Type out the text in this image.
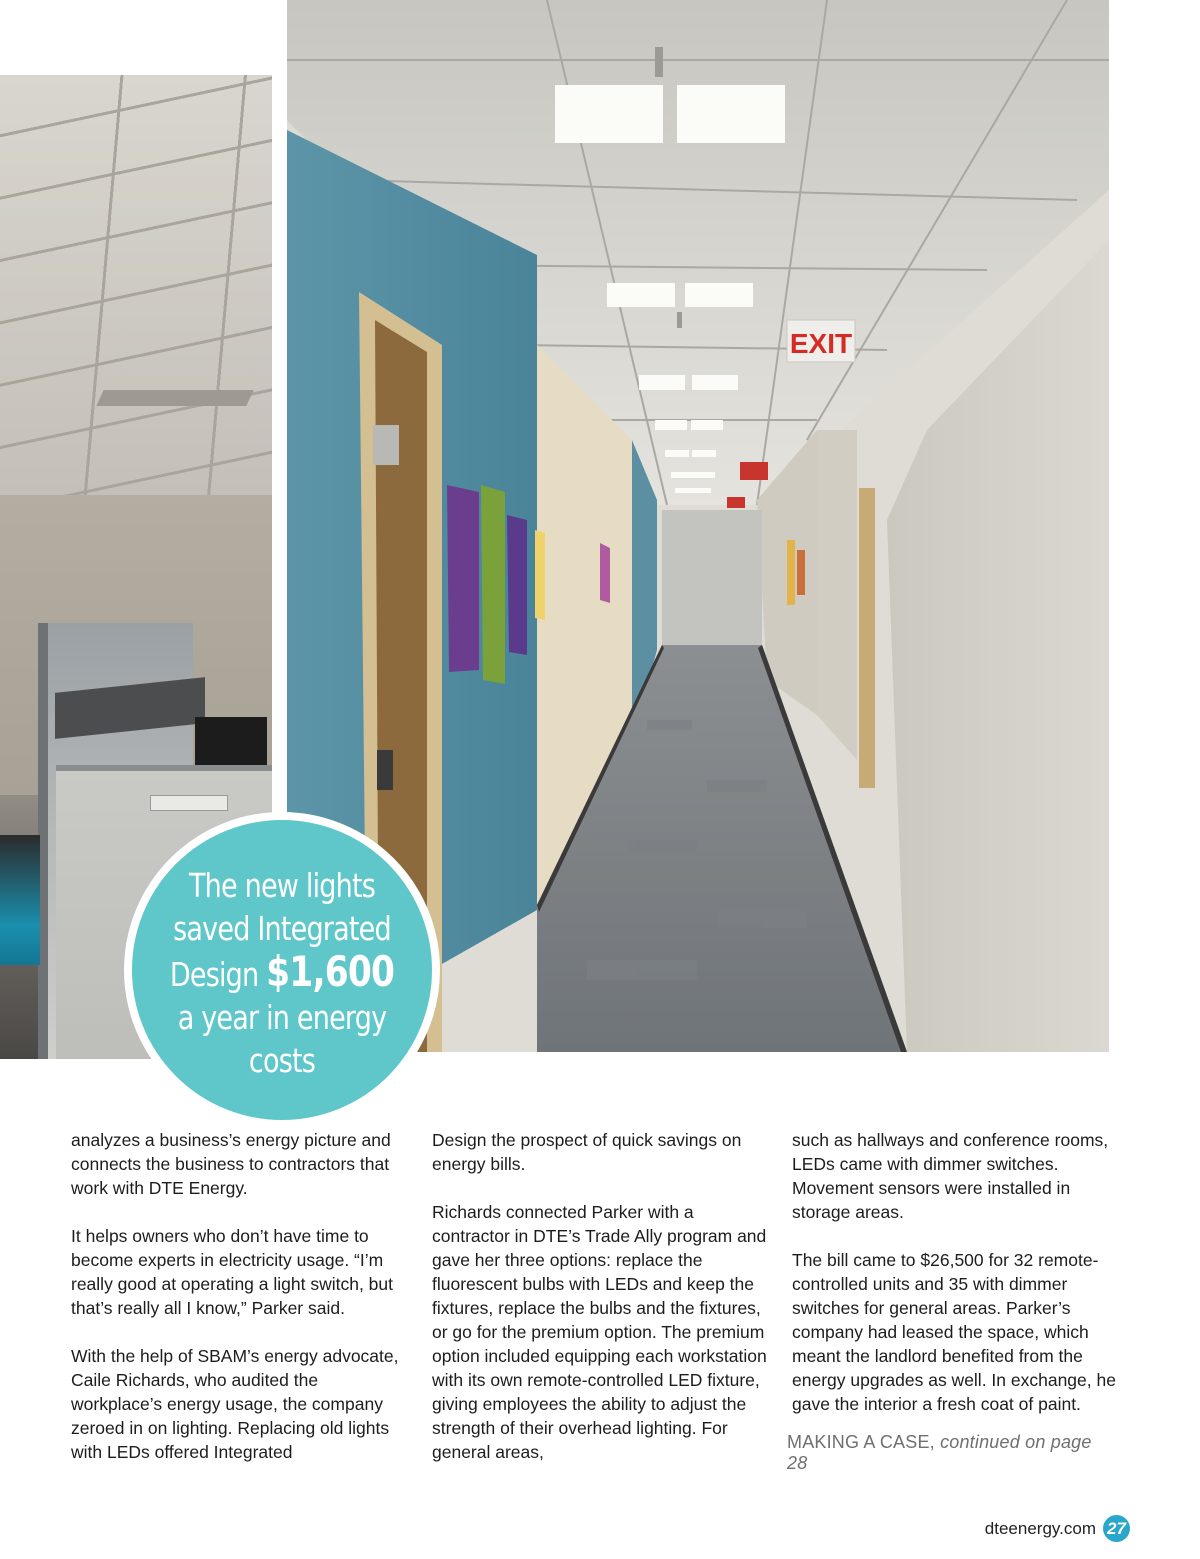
EXIT
The new lights
saved Integrated
Design $1,600
a year in energy
costs

analyzes a business’s energy picture and connects the business to contractors that work with DTE Energy.

It helps owners who don’t have time to become experts in electricity usage. “I’m really good at operating a light switch, but that’s really all I know,” Parker said.

With the help of SBAM’s energy advocate, Caile Richards, who audited the workplace’s energy usage, the company zeroed in on lighting. Replacing old lights with LEDs offered Integrated

Design the prospect of quick savings on energy bills.

Richards connected Parker with a contractor in DTE’s Trade Ally program and gave her three options: replace the fluorescent bulbs with LEDs and keep the fixtures, replace the bulbs and the fixtures, or go for the premium option. The premium option included equipping each workstation with its own remote-controlled LED fixture, giving employees the ability to adjust the strength of their overhead lighting. For general areas,

such as hallways and conference rooms, LEDs came with dimmer switches. Movement sensors were installed in storage areas.

The bill came to $26,500 for 32 remote-controlled units and 35 with dimmer switches for general areas. Parker’s company had leased the space, which meant the landlord benefited from the energy upgrades as well. In exchange, he gave the interior a fresh coat of paint.

MAKING A CASE, continued on page 28
dteenergy.com 27
